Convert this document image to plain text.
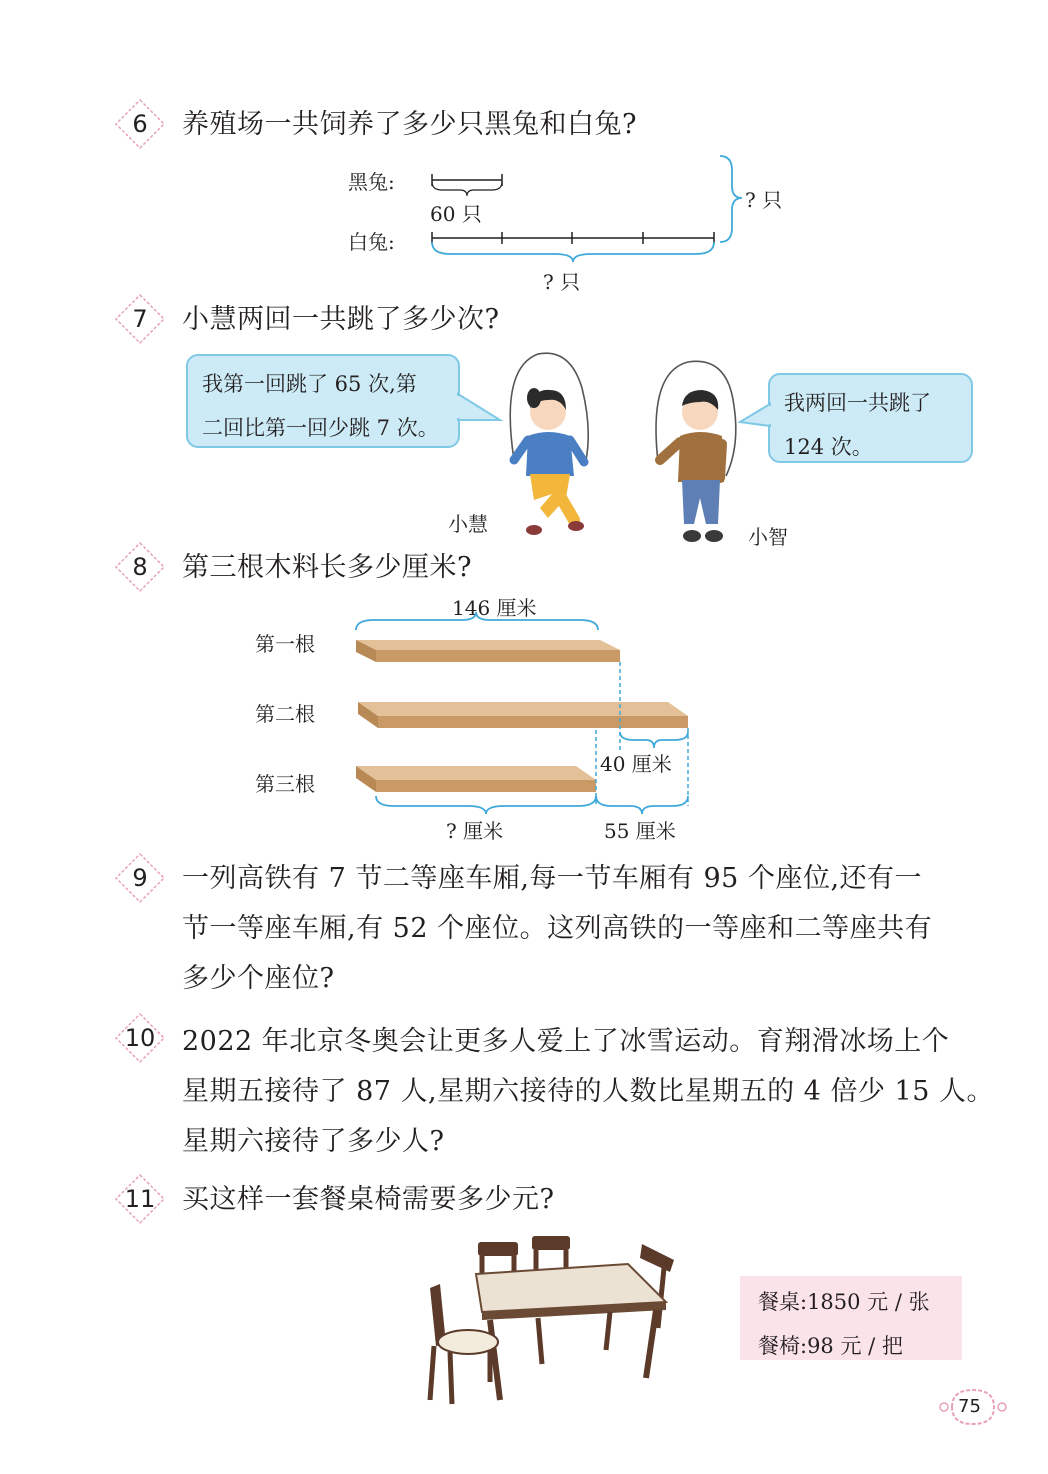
6	养殖场一共饲养了多少只黑兔和白兔?
黑兔:
白兔:
60 只
? 只
? 只
7	小慧两回一共跳了多少次?
我第一回跳了 65 次,第
二回比第一回少跳 7 次。
我两回一共跳了
124 次。
小慧
小智
8	第三根木料长多少厘米?
第一根
第二根
第三根
146 厘米
40 厘米
? 厘米	55 厘米
9	一列高铁有 7 节二等座车厢,每一节车厢有 95 个座位,还有一
节一等座车厢,有 52 个座位。这列高铁的一等座和二等座共有
多少个座位?
10 2022 年北京冬奥会让更多人爱上了冰雪运动。育翔滑冰场上个
星期五接待了 87 人,星期六接待的人数比星期五的 4 倍少 15 人。
星期六接待了多少人?
11 买这样一套餐桌椅需要多少元?
餐桌:1850 元 / 张
餐椅:98 元 / 把
75
